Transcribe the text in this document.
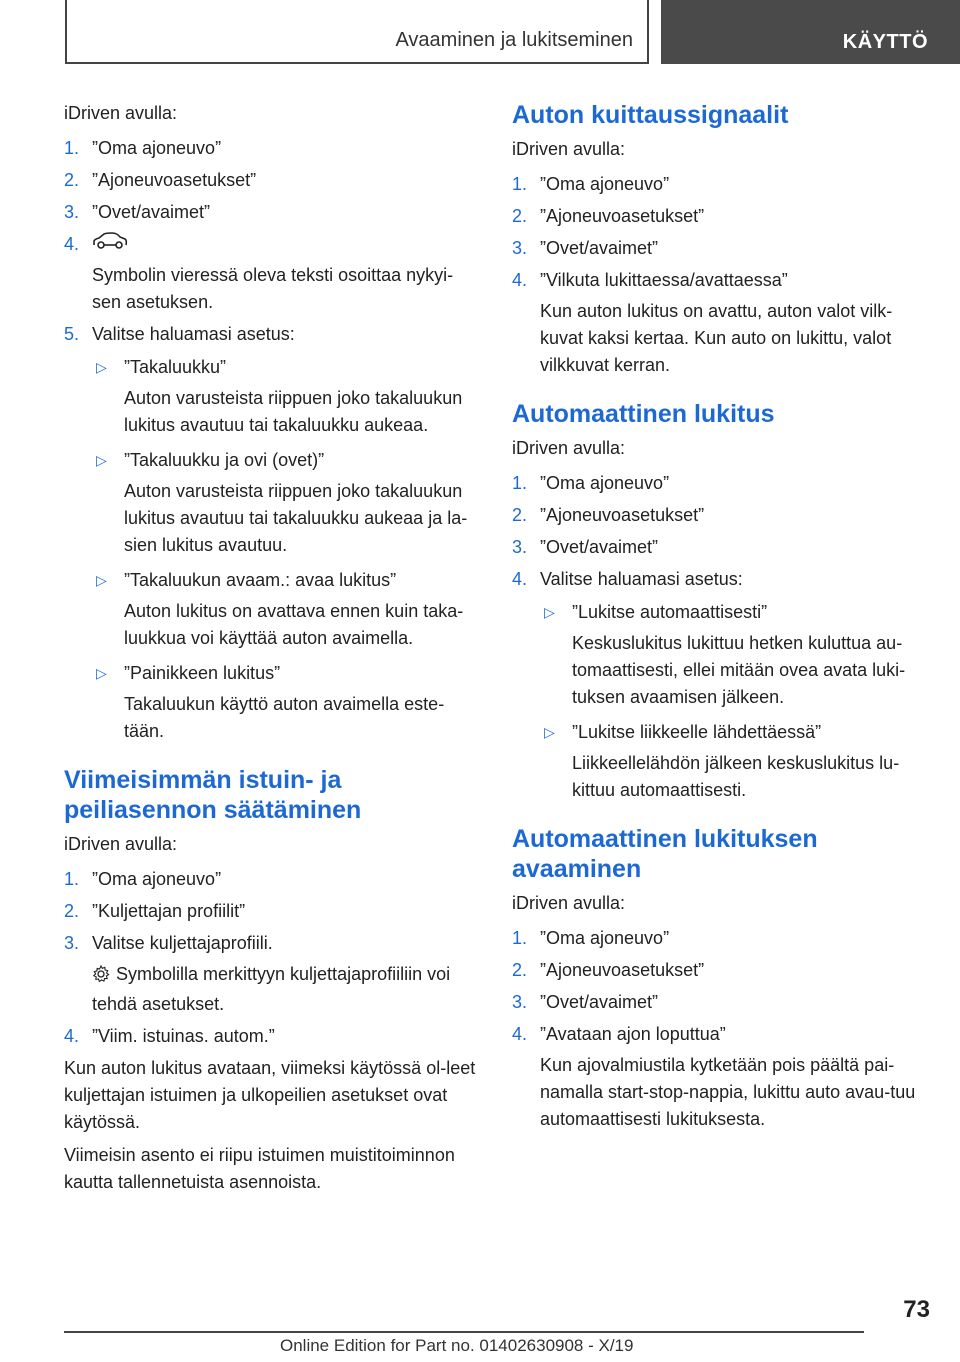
Avaaminen ja lukitseminen	KÄYTTÖ

iDriven avulla:

1. ”Oma ajoneuvo”
2. ”Ajoneuvoasetukset”
3. ”Ovet/avaimet”
4.
Symbolin vieressä oleva teksti osoittaa nykyi-sen asetuksen.
5. Valitse haluamasi asetus:
▷ ”Takaluukku”
Auton varusteista riippuen joko takaluukun lukitus avautuu tai takaluukku aukeaa.
▷ ”Takaluukku ja ovi (ovet)”
Auton varusteista riippuen joko takaluukun lukitus avautuu tai takaluukku aukeaa ja la-sien lukitus avautuu.
▷ ”Takaluukun avaam.: avaa lukitus”
Auton lukitus on avattava ennen kuin taka-luukkua voi käyttää auton avaimella.
▷ ”Painikkeen lukitus”
Takaluukun käyttö auton avaimella este-tään.
Viimeisimmän istuin- ja peiliasennon säätäminen

iDriven avulla:

1. ”Oma ajoneuvo”
2. ”Kuljettajan profiilit”
3. Valitse kuljettajaprofiili.
Symbolilla merkittyyn kuljettajaprofiiliin voi tehdä asetukset.
4. ”Viim. istuinas. autom.”

Kun auton lukitus avataan, viimeksi käytössä ol-leet kuljettajan istuimen ja ulkopeilien asetukset ovat käytössä.

Viimeisin asento ei riipu istuimen muistitoiminnon kautta tallennetuista asennoista.

Auton kuittaussignaalit

iDriven avulla:

1. ”Oma ajoneuvo”
2. ”Ajoneuvoasetukset”
3. ”Ovet/avaimet”
4. ”Vilkuta lukittaessa/avattaessa”
Kun auton lukitus on avattu, auton valot vilk-kuvat kaksi kertaa. Kun auto on lukittu, valot vilkkuvat kerran.
Automaattinen lukitus

iDriven avulla:

1. ”Oma ajoneuvo”
2. ”Ajoneuvoasetukset”
3. ”Ovet/avaimet”
4. Valitse haluamasi asetus:
▷ ”Lukitse automaattisesti”
Keskuslukitus lukittuu hetken kuluttua au-tomaattisesti, ellei mitään ovea avata luki-tuksen avaamisen jälkeen.
▷ ”Lukitse liikkeelle lähdettäessä”
Liikkeellelähdön jälkeen keskuslukitus lu-kittuu automaattisesti.
Automaattinen lukituksen avaaminen

iDriven avulla:

1. ”Oma ajoneuvo”
2. ”Ajoneuvoasetukset”
3. ”Ovet/avaimet”
4. ”Avataan ajon loputtua”
Kun ajovalmiustila kytketään pois päältä pai-namalla start-stop-nappia, lukittu auto avau-tuu automaattisesti lukituksesta.
73
Online Edition for Part no. 01402630908 - X/19
